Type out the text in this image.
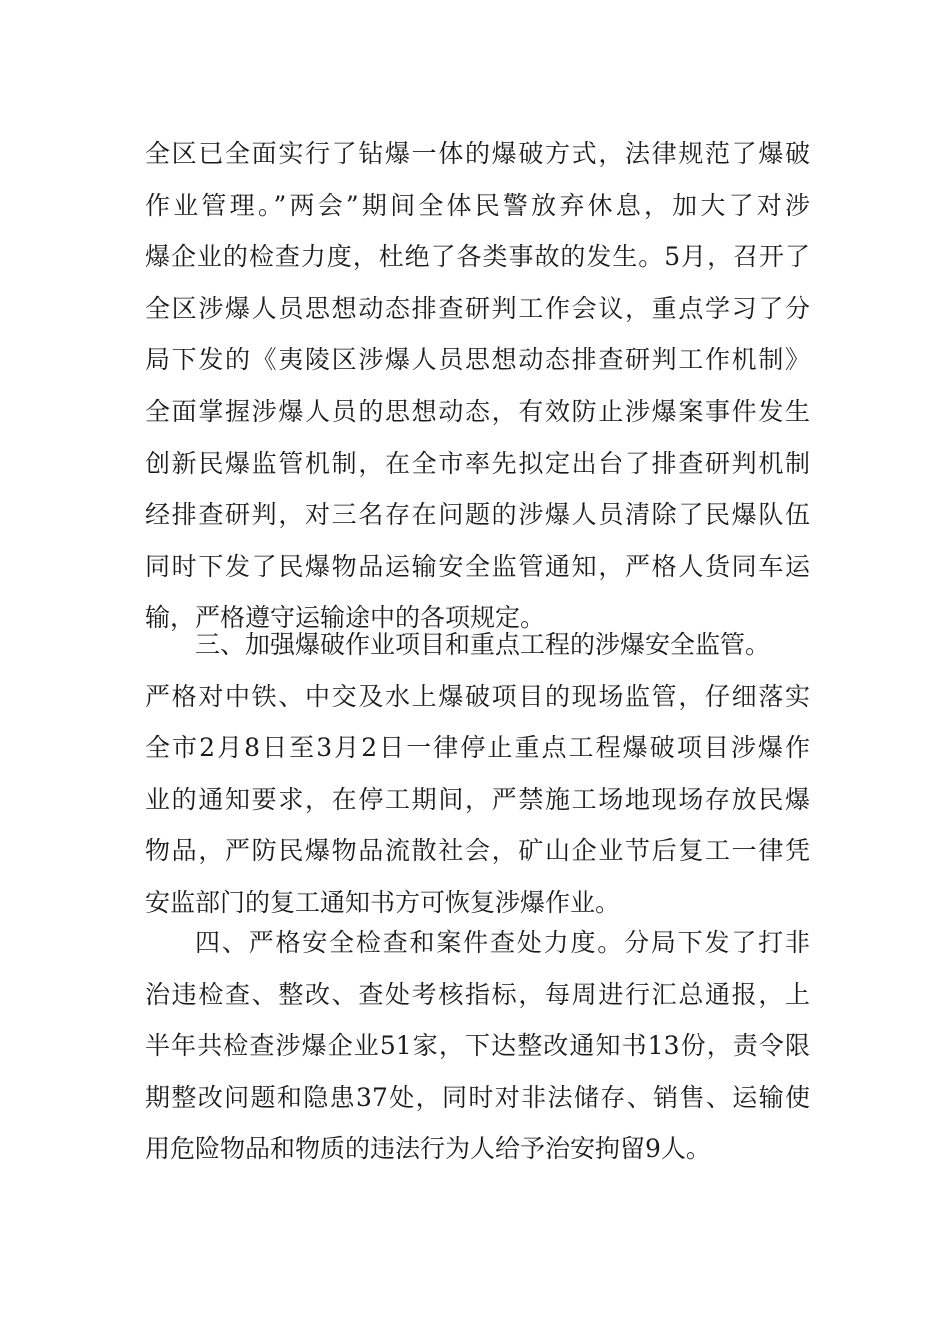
全区已全面实行了钻爆一体的爆破方式，法律规范了爆破
作业管理。”两会”期间全体民警放弃休息，加大了对涉
爆企业的检查力度，杜绝了各类事故的发生。5月，召开了
全区涉爆人员思想动态排查研判工作会议，重点学习了分
局下发的《夷陵区涉爆人员思想动态排查研判工作机制》
全面掌握涉爆人员的思想动态，有效防止涉爆案事件发生
创新民爆监管机制，在全市率先拟定出台了排查研判机制
经排查研判，对三名存在问题的涉爆人员清除了民爆队伍
同时下发了民爆物品运输安全监管通知，严格人货同车运
输，严格遵守运输途中的各项规定。
三、加强爆破作业项目和重点工程的涉爆安全监管。
严格对中铁、中交及水上爆破项目的现场监管，仔细落实
全市2月8日至3月2日一律停止重点工程爆破项目涉爆作
业的通知要求，在停工期间，严禁施工场地现场存放民爆
物品，严防民爆物品流散社会，矿山企业节后复工一律凭
安监部门的复工通知书方可恢复涉爆作业。
四、严格安全检查和案件查处力度。分局下发了打非
治违检查、整改、查处考核指标，每周进行汇总通报，上
半年共检查涉爆企业51家，下达整改通知书13份，责令限
期整改问题和隐患37处，同时对非法储存、销售、运输使
用危险物品和物质的违法行为人给予治安拘留9人。
